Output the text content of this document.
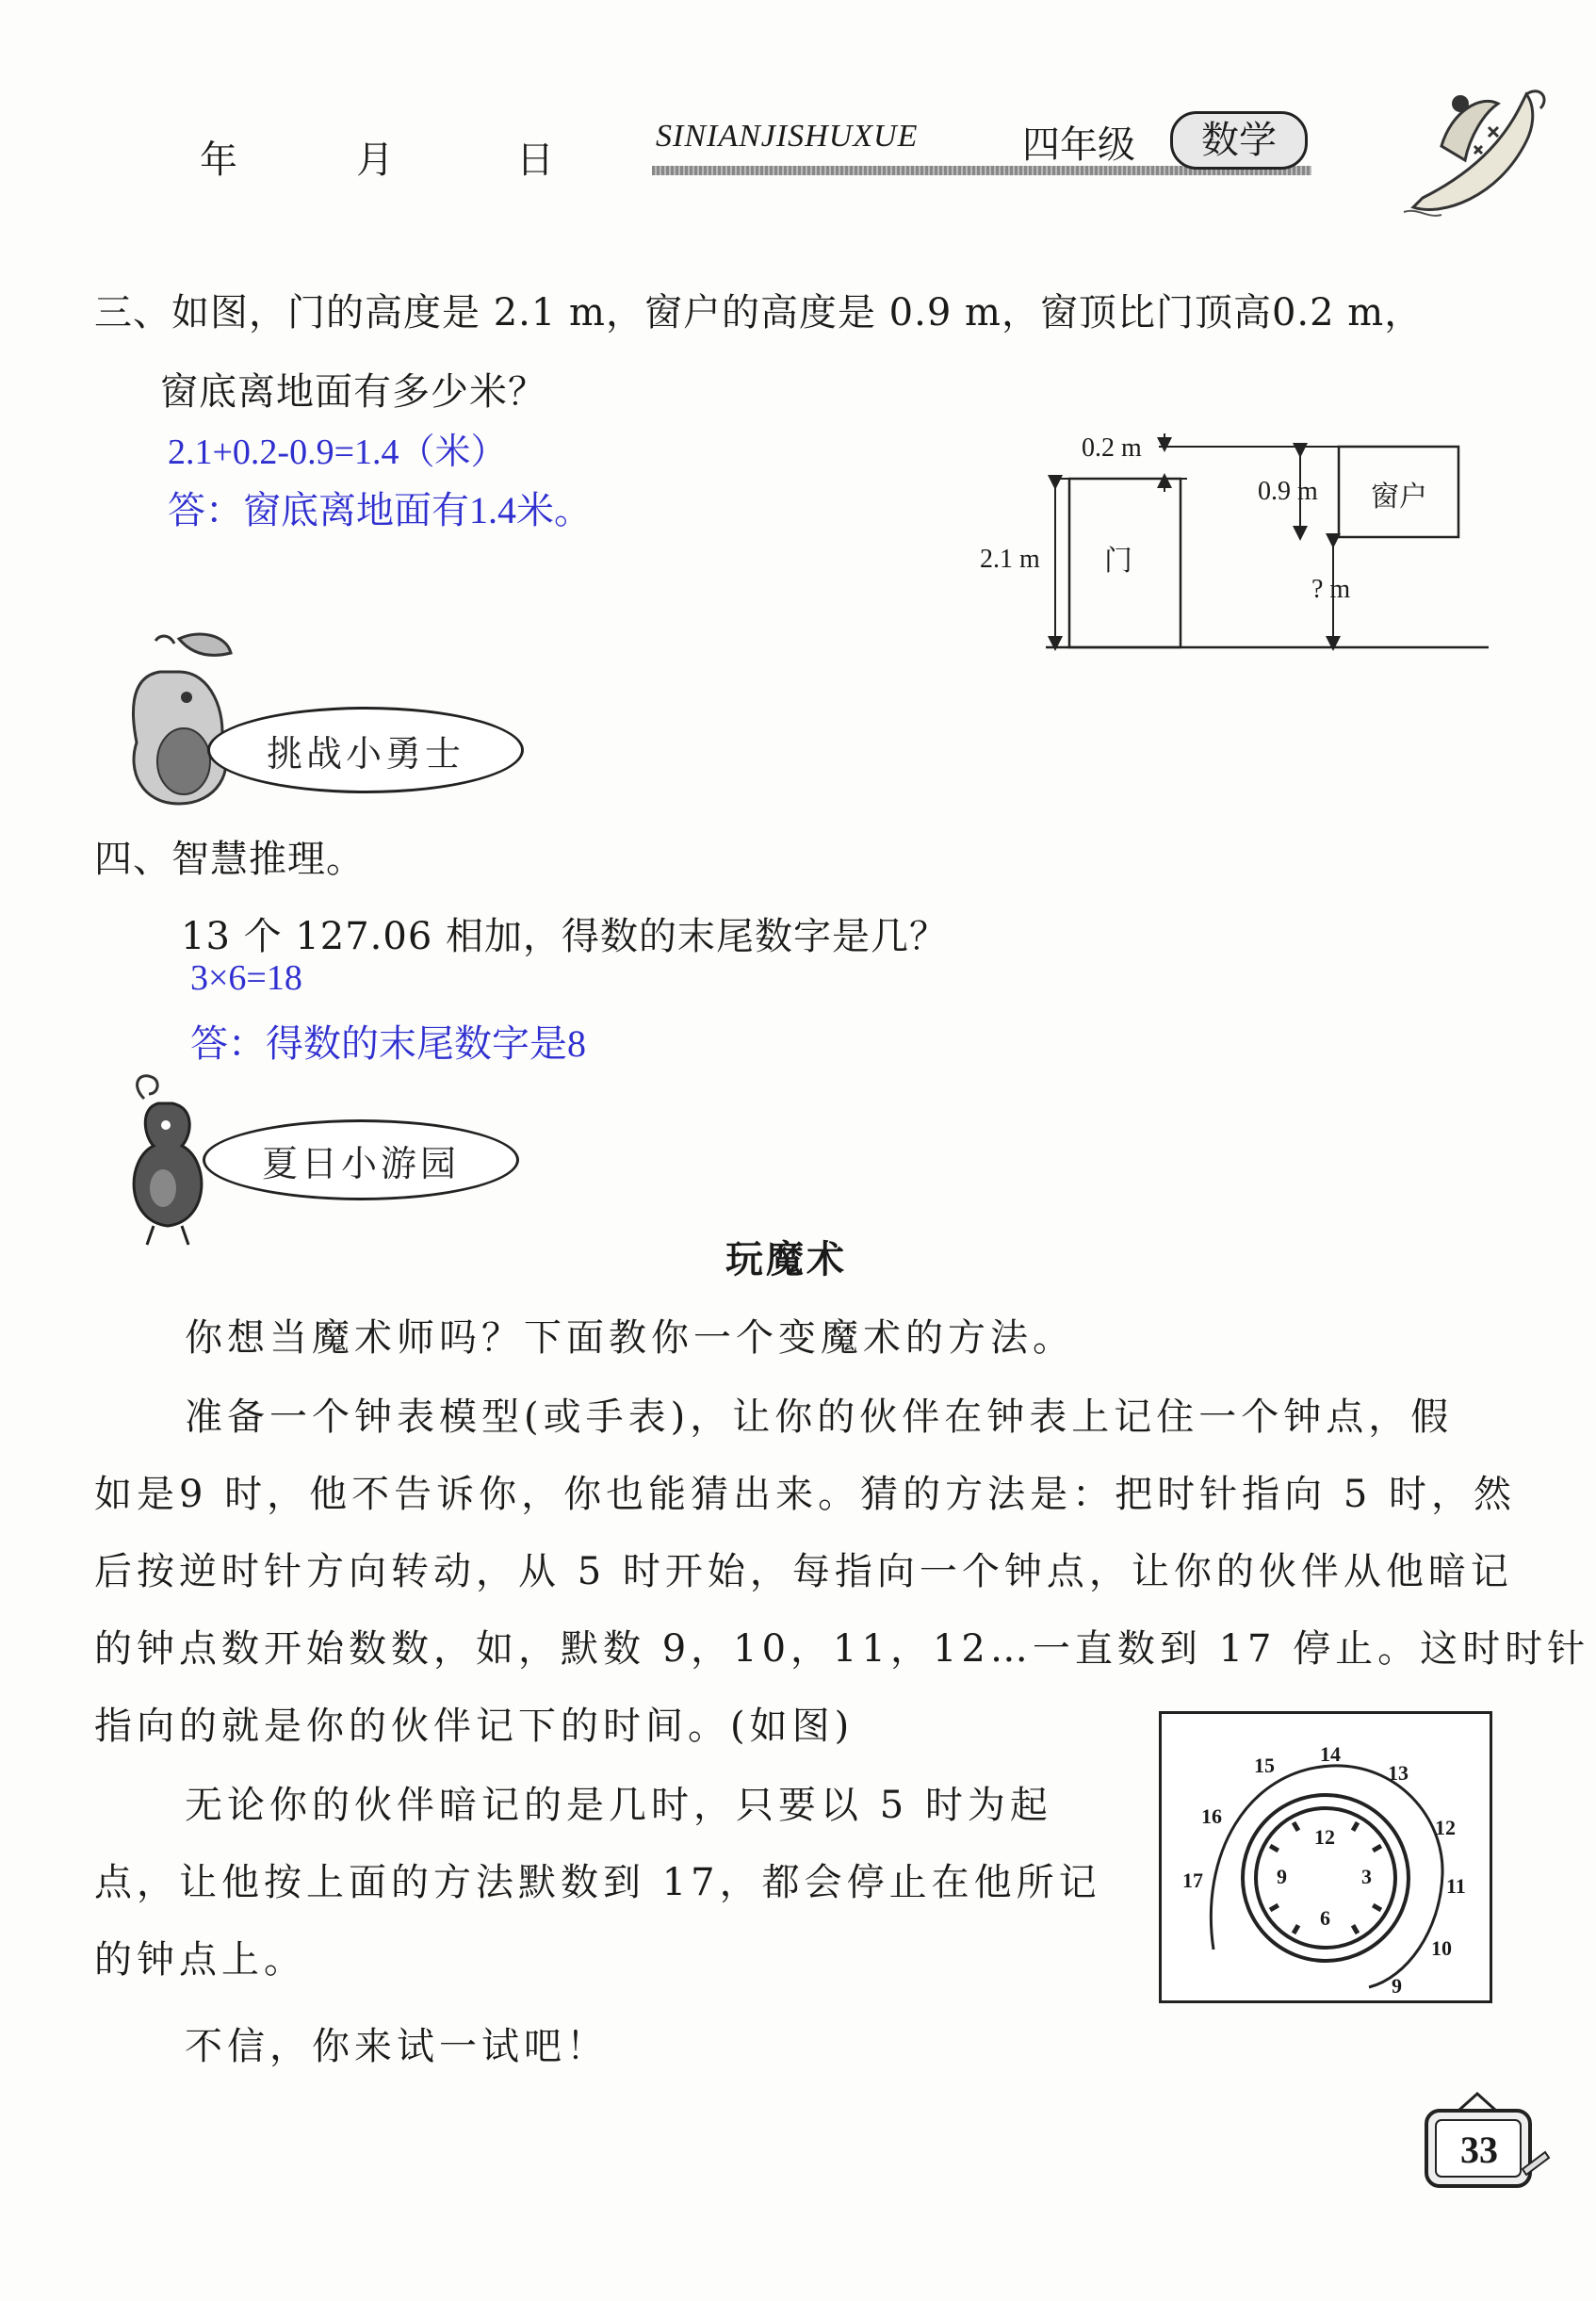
年	月	日
SINIANJISHUXUE	四年级	数学
三、如图，门的高度是 2.1 m，窗户的高度是 0.9 m，窗顶比门顶高0.2 m，
窗底离地面有多少米？
2.1+0.2-0.9=1.4（米）
答：窗底离地面有1.4米。
0.2 m
0.9 m 窗户
2.1 m 门
? m
挑战小勇士
四、智慧推理。
13 个 127.06 相加，得数的末尾数字是几？
3×6=18
答：得数的末尾数字是8
夏日小游园
玩魔术
你想当魔术师吗？下面教你一个变魔术的方法。
准备一个钟表模型(或手表)，让你的伙伴在钟表上记住一个钟点，假
如是9 时，他不告诉你，你也能猜出来。猜的方法是：把时针指向 5 时，然
后按逆时针方向转动，从 5 时开始，每指向一个钟点，让你的伙伴从他暗记
的钟点数开始数数，如，默数 9，10，11，12…一直数到 17 停止。这时时针
指向的就是你的伙伴记下的时间。(如图)
无论你的伙伴暗记的是几时，只要以 5 时为起
点，让他按上面的方法默数到 17，都会停止在他所记
的钟点上。
不信，你来试一试吧！
14
15	13
16	12
17	11
10
9
12
3
6
9
33
